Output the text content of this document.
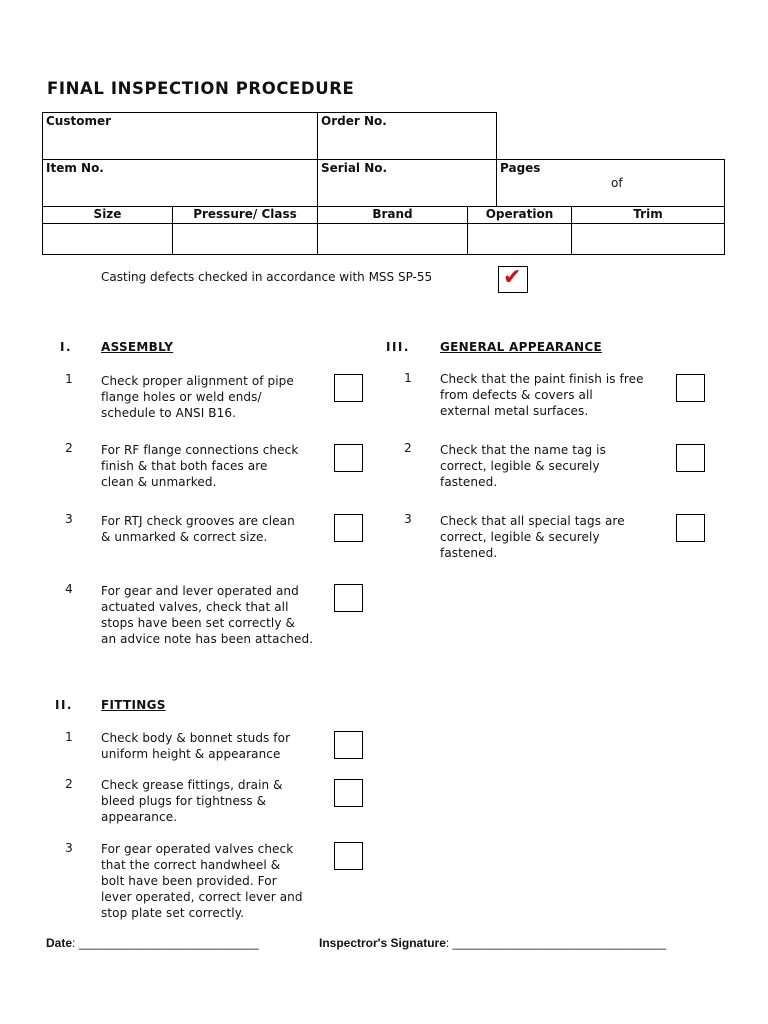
FINAL INSPECTION PROCEDURE
Customer	Order No.
Item No.	Serial No.	Pages
of
Size	Pressure/ Class	Brand	Operation	Trim
Casting defects checked in accordance with MSS SP-55	✔
I. ASSEMBLY
1	Check proper alignment of pipe
flange holes or weld ends/
schedule to ANSI B16.
2	For RF flange connections check
finish & that both faces are
clean & unmarked.
3	For RTJ check grooves are clean
& unmarked & correct size.
4	For gear and lever operated and
actuated valves, check that all
stops have been set correctly &
an advice note has been attached.
II. FITTINGS
1	Check body & bonnet studs for
uniform height & appearance
2	Check grease fittings, drain &
bleed plugs for tightness &
appearance.
3	For gear operated valves check
that the correct handwheel &
bolt have been provided. For
lever operated, correct lever and
stop plate set correctly.
III.	GENERAL APPEARANCE
1	Check that the paint finish is free
from defects & covers all
external metal surfaces.
2	Check that the name tag is
correct, legible & securely
fastened.
3	Check that all special tags are
correct, legible & securely
fastened.
Date: ___________________________	Inspectror's Signature: ________________________________
